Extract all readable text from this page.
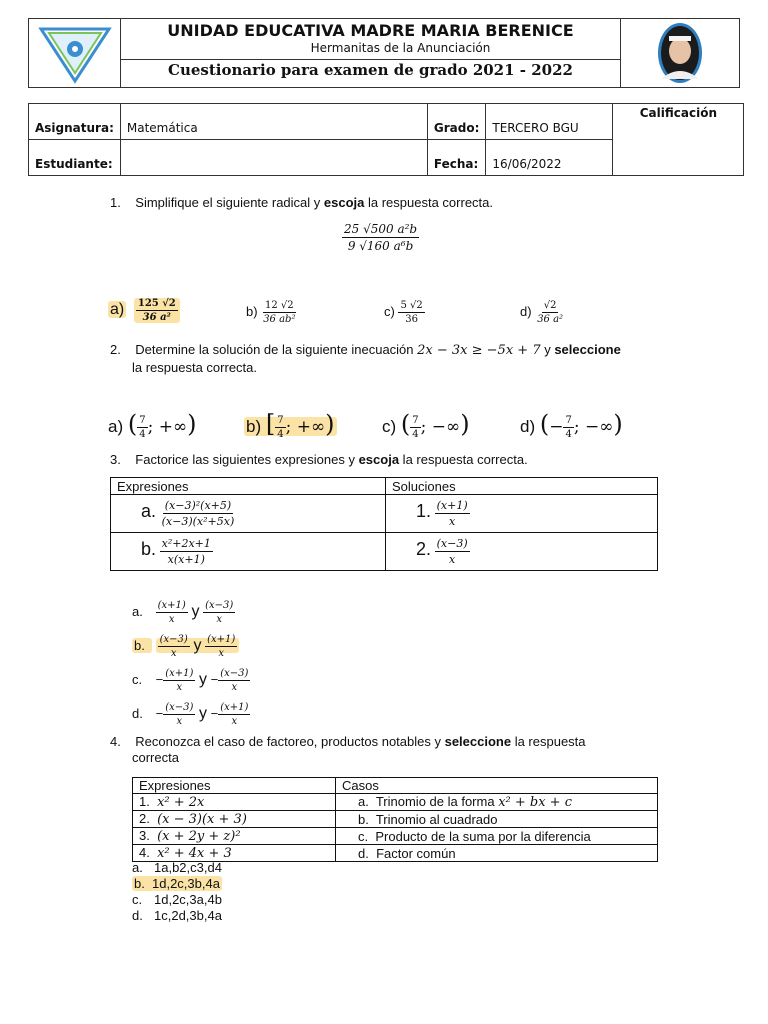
UNIDAD EDUCATIVA MADRE MARIA BERENICE
Hermanitas de la Anunciación
Cuestionario para examen de grado 2021 - 2022
Asignatura:	Matemática	Grado:	TERCERO BGU	Calificación
Estudiante:		Fecha:	16/06/2022	
1. Simplifique el siguiente radical y escoja la respuesta correcta.
$\frac{\text{25 √500 a²b}}{\text{9 √160 a⁶b}}$
$a) \frac{125 √2}{\text{36 a²}}$	$b) \frac{12 √2}{\text{36 ab²}}$	$c) \frac{5 √2}{36}$	$d) \frac{√2}{\text{36 a²}}$
2. Determine la solución de la siguiente inecuación 2x − 3x ≥ −5x + 7 y seleccione
la respuesta correcta.
a) ( $\frac{7}{4}$ ; +∞)	b) [ $\frac{7}{4}$ ; +∞)	c) ( $\frac{7}{4}$ ; −∞)	d) (− $\frac{7}{4}$ ; −∞)
3. Factorice las siguientes expresiones y escoja la respuesta correcta.
Expresiones	Soluciones
a. $\frac{\text{(x−3)²(x+5)}}{\text{(x−3)(x²+5x)}}$	1. $\frac{(x+1)}{x}$

b. $\frac{\text{x²+2x+1}}{x(x+1)}$	2. $\frac{(x-3)}{x}$
a. $\frac{(x+1)}{x}$ y $\frac{(x-3)}{x}$
b. $\frac{(x-3)}{x}$ y $\frac{(x+1)}{x}$
c. − $\frac{(x+1)}{x}$ $y - \frac{(x-3)}{x}$
d. − $\frac{(x-3)}{x}$ $y - \frac{(x+1)}{x}$
4. Reconozca el caso de factoreo, productos notables y seleccione la respuesta
correcta
Expresiones	Casos
1. x² + 2x	a. Trinomio de la forma x² + bx + c
2. (x − 3)(x + 3)	b. Trinomio al cuadrado
3. (x + 2y + z)²	c. Producto de la suma por la diferencia
4. x² + 4x + 3	d. Factor común
a. 1a,b2,c3,d4
b. 1d,2c,3b,4a
c. 1d,2c,3a,4b
d. 1c,2d,3b,4a
